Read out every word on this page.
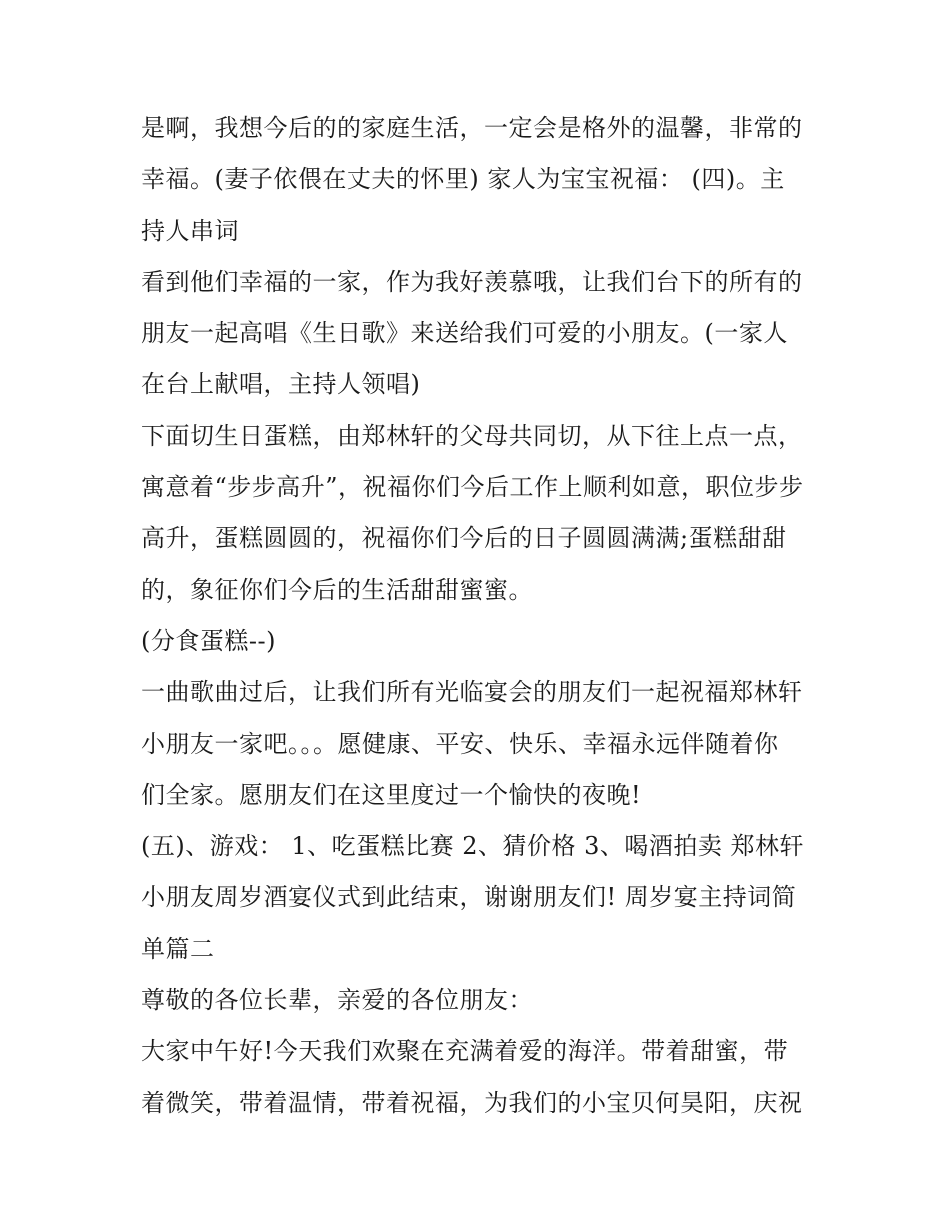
是啊，我想今后的的家庭生活，一定会是格外的温馨，非常的
幸福。(妻子依偎在丈夫的怀里) 家人为宝宝祝福： (四)。主
持人串词
看到他们幸福的一家，作为我好羡慕哦，让我们台下的所有的
朋友一起高唱《生日歌》来送给我们可爱的小朋友。(一家人
在台上献唱，主持人领唱)
下面切生日蛋糕，由郑林轩的父母共同切，从下往上点一点，
寓意着“步步高升”，祝福你们今后工作上顺利如意，职位步步
高升，蛋糕圆圆的，祝福你们今后的日子圆圆满满;蛋糕甜甜
的，象征你们今后的生活甜甜蜜蜜。
(分食蛋糕--)
一曲歌曲过后，让我们所有光临宴会的朋友们一起祝福郑林轩
小朋友一家吧。。。愿健康、平安、快乐、幸福永远伴随着你
们全家。愿朋友们在这里度过一个愉快的夜晚!
(五)、游戏： 1、吃蛋糕比赛 2、猜价格 3、喝酒拍卖 郑林轩
小朋友周岁酒宴仪式到此结束，谢谢朋友们! 周岁宴主持词简
单篇二
尊敬的各位长辈，亲爱的各位朋友：
大家中午好!今天我们欢聚在充满着爱的海洋。带着甜蜜，带
着微笑，带着温情，带着祝福，为我们的小宝贝何昊阳，庆祝
